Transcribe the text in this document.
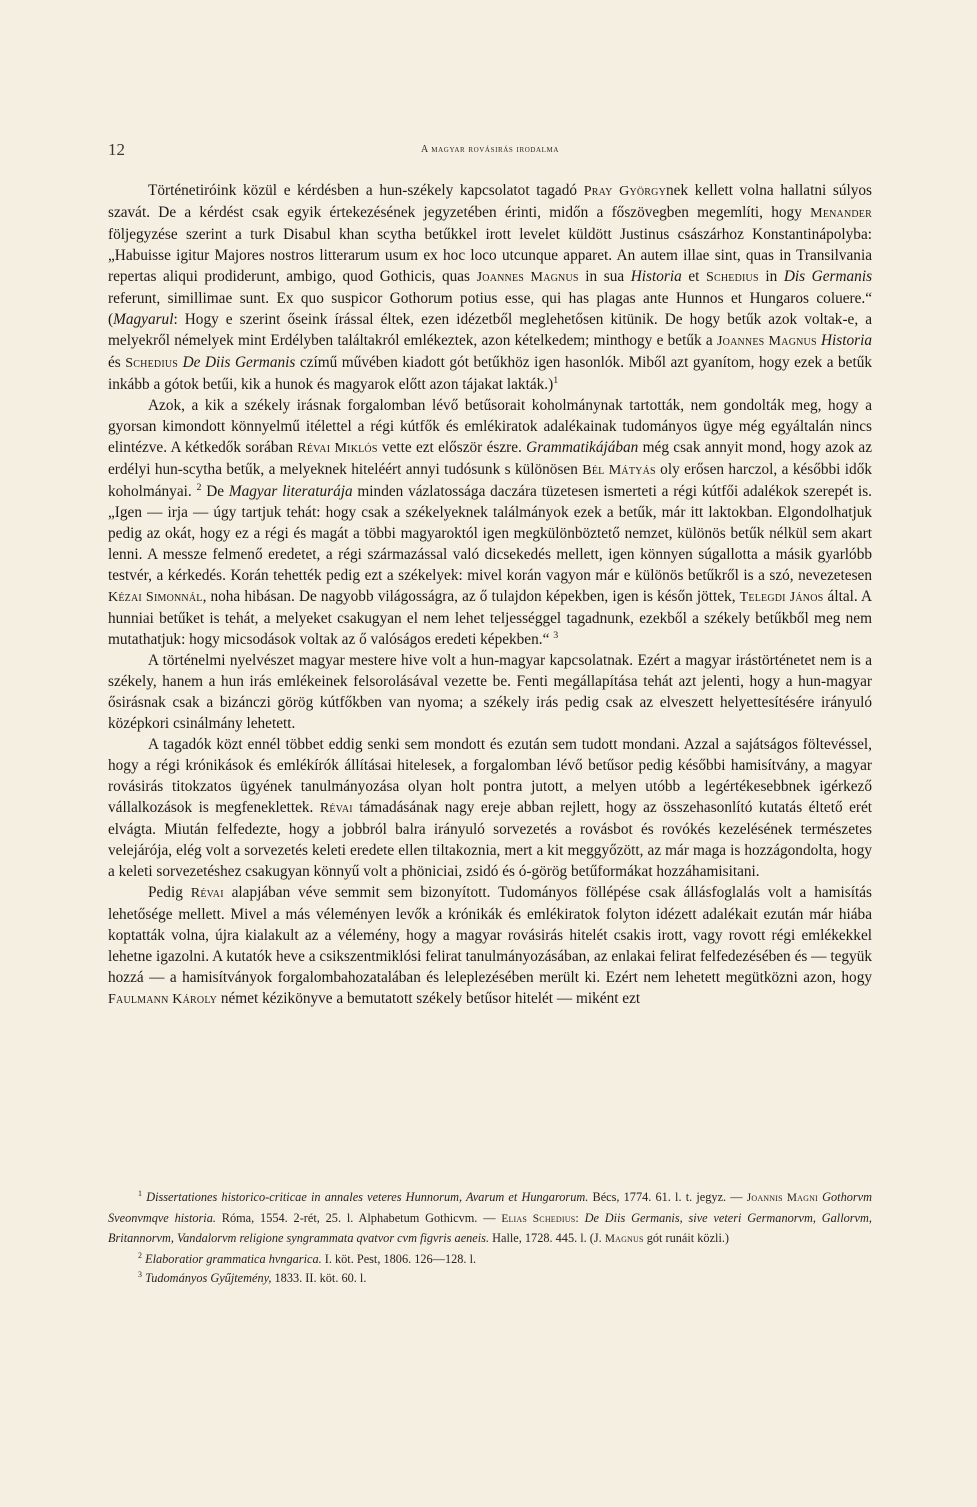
12	A magyar rovásirás irodalma

Történetiróink közül e kérdésben a hun-székely kapcsolatot tagadó Pray Györgynek kellett volna hallatni súlyos szavát. De a kérdést csak egyik értekezésének jegyzetében érinti, midőn a főszövegben megemlíti, hogy Menander följegyzése szerint a turk Disabul khan scytha betűkkel irott levelet küldött Justinus császárhoz Konstantinápolyba: „Habuisse igitur Majores nostros litterarum usum ex hoc loco utcunque apparet. An autem illae sint, quas in Transilvania repertas aliqui prodiderunt, ambigo, quod Gothicis, quas Joannes Magnus in sua Historia et Schedius in Dis Germanis referunt, simillimae sunt. Ex quo suspicor Gothorum potius esse, qui has plagas ante Hunnos et Hungaros coluere.“ (Magyarul: Hogy e szerint őseink írással éltek, ezen idézetből meglehetősen kitünik. De hogy betűk azok voltak-e, a melyekről némelyek mint Erdélyben találtakról emlékeztek, azon kételkedem; minthogy e betűk a Joannes Magnus Historia és Schedius De Diis Germanis czímű művében kiadott gót betűkhöz igen hasonlók. Miből azt gyanítom, hogy ezek a betűk inkább a gótok betűi, kik a hunok és magyarok előtt azon tájakat lakták.)$^1$

Azok, a kik a székely irásnak forgalomban lévő betűsorait koholmánynak tartották, nem gondolták meg, hogy a gyorsan kimondott könnyelmű itélettel a régi kútfők és emlékiratok adalékainak tudományos ügye még egyáltalán nincs elintézve. A kétkedők sorában Révai Miklós vette ezt először észre. Grammatikájában még csak annyit mond, hogy azok az erdélyi hun-scytha betűk, a melyeknek hiteléért annyi tudósunk s különösen Bél Mátyás oly erősen harczol, a későbbi idők koholmányai. $^2$ De Magyar literaturája minden vázlatossága daczára tüzetesen ismerteti a régi kútfői adalékok szerepét is. „Igen — irja — úgy tartjuk tehát: hogy csak a székelyeknek találmányok ezek a betűk, már itt laktokban. Elgondolhatjuk pedig az okát, hogy ez a régi és magát a többi magyaroktól igen megkülönböztető nemzet, különös betűk nélkül sem akart lenni. A messze felmenő eredetet, a régi származással való dicsekedés mellett, igen könnyen súgallotta a másik gyarlóbb testvér, a kérkedés. Korán tehették pedig ezt a székelyek: mivel korán vagyon már e különös betűkről is a szó, nevezetesen Kézai Simonnál, noha hibásan. De nagyobb világosságra, az ő tulajdon képekben, igen is későn jöttek, Telegdi János által. A hunniai betűket is tehát, a melyeket csakugyan el nem lehet teljességgel tagadnunk, ezekből a székely betűkből meg nem mutathatjuk: hogy micsodások voltak az ő valóságos eredeti képekben.“ $^3$

A történelmi nyelvészet magyar mestere hive volt a hun-magyar kapcsolatnak. Ezért a magyar irástörténetet nem is a székely, hanem a hun irás emlékeinek felsorolásával vezette be. Fenti megállapítása tehát azt jelenti, hogy a hun-magyar ősirásnak csak a bizánczi görög kútfőkben van nyoma; a székely irás pedig csak az elveszett helyettesítésére irányuló középkori csinálmány lehetett.

A tagadók közt ennél többet eddig senki sem mondott és ezután sem tudott mondani. Azzal a sajátságos föltevéssel, hogy a régi krónikások és emlékírók állításai hitelesek, a forgalomban lévő betűsor pedig későbbi hamisítvány, a magyar rovásirás titokzatos ügyének tanulmányozása olyan holt pontra jutott, a melyen utóbb a legértékesebbnek igérkező vállalkozások is megfeneklettek. Révai támadásának nagy ereje abban rejlett, hogy az összehasonlító kutatás éltető erét elvágta. Miután felfedezte, hogy a jobbról balra irányuló sorvezetés a rovásbot és rovókés kezelésének természetes velejárója, elég volt a sorvezetés keleti eredete ellen tiltakoznia, mert a kit meggyőzött, az már maga is hozzágondolta, hogy a keleti sorvezetéshez csakugyan könnyű volt a phöniciai, zsidó és ó-görög betűformákat hozzáhamisitani.

Pedig Révai alapjában véve semmit sem bizonyított. Tudományos föllépése csak állásfoglalás volt a hamisítás lehetősége mellett. Mivel a más véleményen levők a krónikák és emlékiratok folyton idézett adalékait ezután már hiába koptatták volna, újra kialakult az a vélemény, hogy a magyar rovásirás hitelét csakis irott, vagy rovott régi emlékekkel lehetne igazolni. A kutatók heve a csikszentmiklósi felirat tanulmányozásában, az enlakai felirat felfedezésében és — tegyük hozzá — a hamisítványok forgalombahozatalában és leleplezésében merült ki. Ezért nem lehetett megütközni azon, hogy Faulmann Károly német kézikönyve a bemutatott székely betűsor hitelét — miként ezt

$^1$ Dissertationes historico-criticae in annales veteres Hunnorum, Avarum et Hungarorum. Bécs, 1774. 61. l. t. jegyz. — Joannis Magni Gothorvm Sveonvmqve historia. Róma, 1554. 2-rét, 25. l. Alphabetum Gothicvm. — Elias Schedius: De Diis Germanis, sive veteri Germanorvm, Gallorvm, Britannorvm, Vandalorvm religione syngrammata qvatvor cvm figvris aeneis. Halle, 1728. 445. l. (J. Magnus gót runáit közli.)

$^2$ Elaboratior grammatica hvngarica. I. köt. Pest, 1806. 126—128. l.

$^3$ Tudományos Gyűjtemény, 1833. II. köt. 60. l.
